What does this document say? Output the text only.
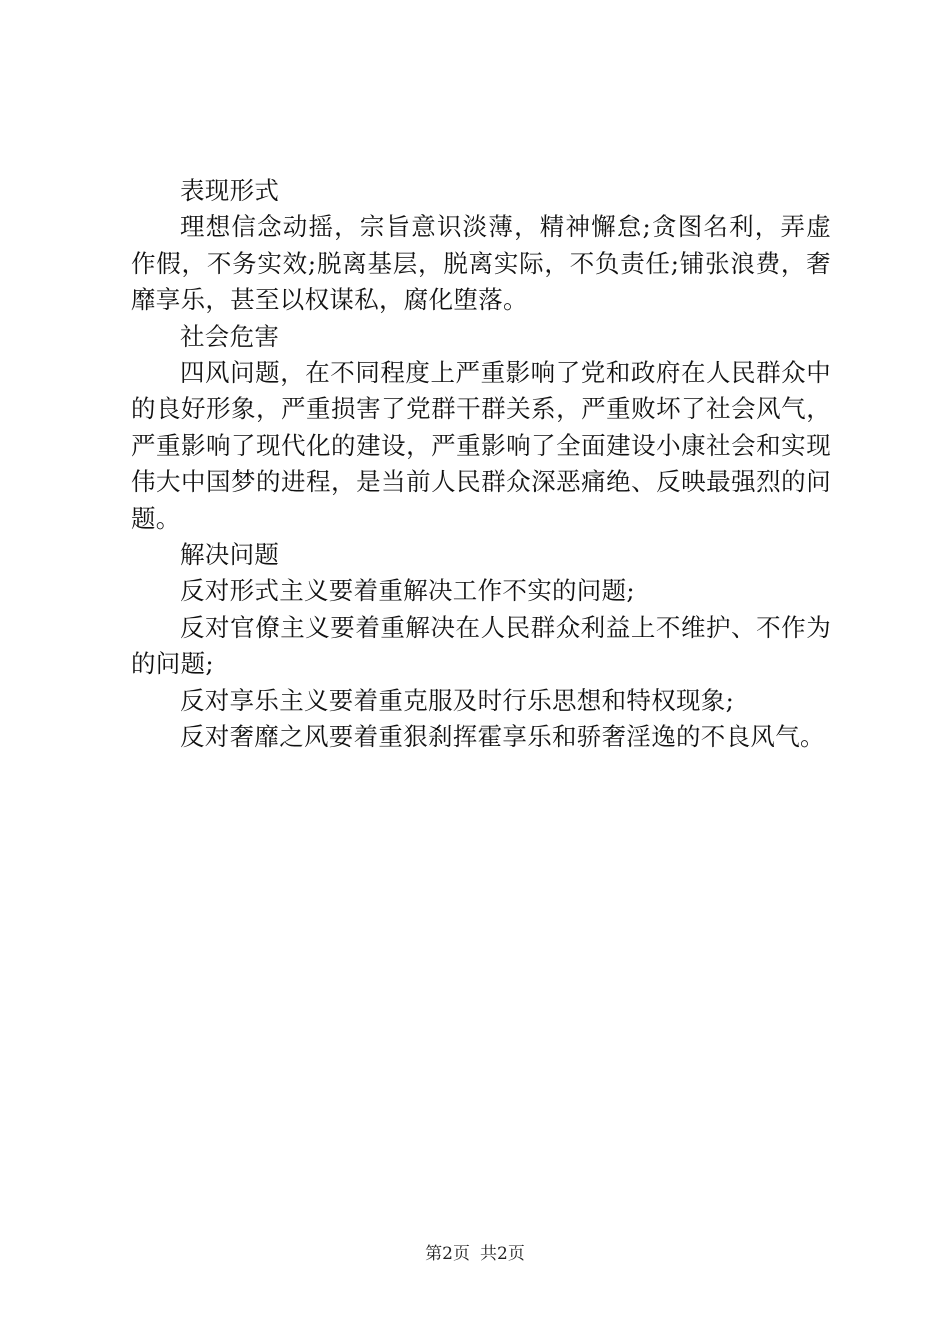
表现形式

理想信念动摇，宗旨意识淡薄，精神懈怠;贪图名利，弄虚作假，不务实效;脱离基层，脱离实际，不负责任;铺张浪费，奢靡享乐，甚至以权谋私，腐化堕落。

社会危害

四风问题，在不同程度上严重影响了党和政府在人民群众中的良好形象，严重损害了党群干群关系，严重败坏了社会风气，严重影响了现代化的建设，严重影响了全面建设小康社会和实现伟大中国梦的进程，是当前人民群众深恶痛绝、反映最强烈的问题。

解决问题

反对形式主义要着重解决工作不实的问题;

反对官僚主义要着重解决在人民群众利益上不维护、不作为的问题;

反对享乐主义要着重克服及时行乐思想和特权现象;

反对奢靡之风要着重狠刹挥霍享乐和骄奢淫逸的不良风气。

第2页 共2页
